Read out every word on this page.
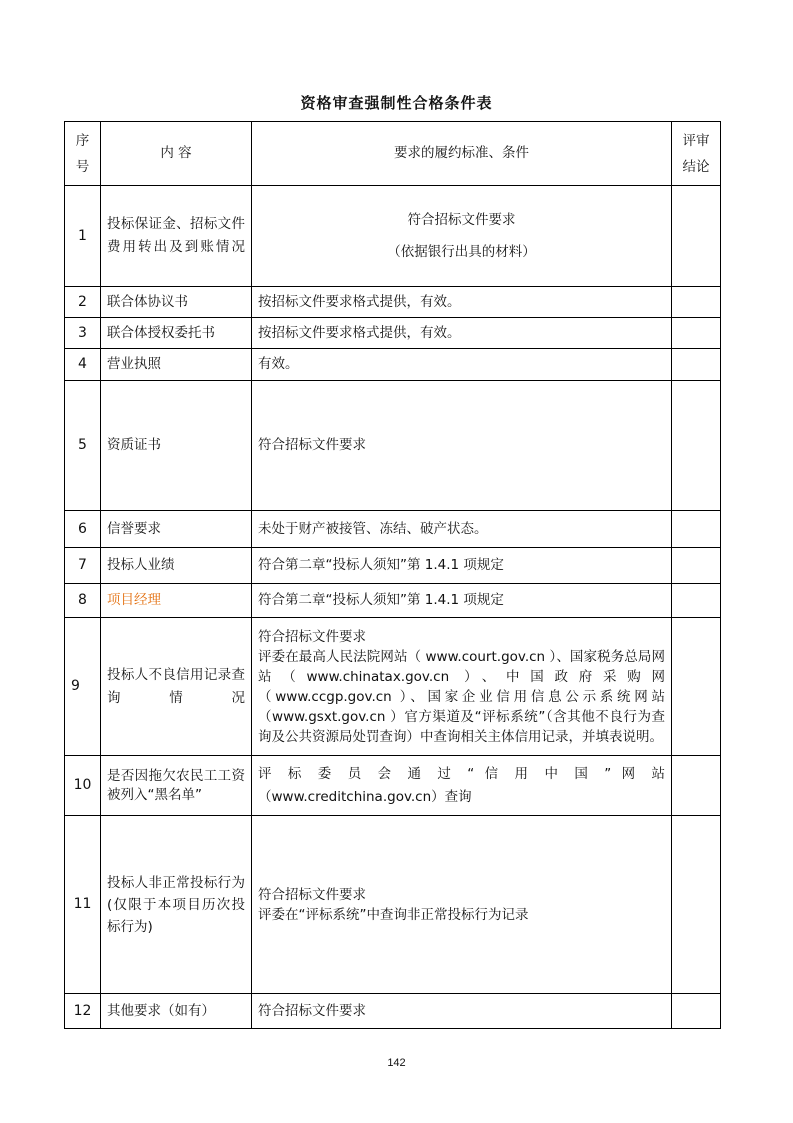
资格审查强制性合格条件表
序号	内 容	要求的履约标准、条件	评审结论
1	投标保证金、招标文件费用转出及到账情况	符合招标文件要求
（依据银行出具的材料）	

2	联合体协议书	按招标文件要求格式提供，有效。	
3	联合体授权委托书	按招标文件要求格式提供，有效。	
4	营业执照	有效。	
5	资质证书	符合招标文件要求	
6	信誉要求	未处于财产被接管、冻结、破产状态。	
7	投标人业绩	符合第二章“投标人须知”第 1.4.1 项规定	
8	项目经理	符合第二章“投标人须知”第 1.4.1 项规定	
9	投标人不良信用记录查询情况	符合招标文件要求
评委在最高人民法院网站（ www.court.gov.cn ）、国家税务总局网站（www.chinatax.gov.cn ）、中国政府采购网（www.ccgp.gov.cn ）、国家企业信用信息公示系统网站（www.gsxt.gov.cn ）官方渠道及“评标系统”（含其他不良行为查询及公共资源局处罚查询）中查询相关主体信用记录，并填表说明。	

10	是否因拖欠农民工工资被列入“黑名单”	评 标 委 员 会 通 过 “ 信 用 中 国 ” 网 站（www.creditchina.gov.cn）查询	
11	投标人非正常投标行为(仅限于本项目历次投标行为)	符合招标文件要求
评委在“评标系统”中查询非正常投标行为记录	

12	其他要求（如有）	符合招标文件要求	
142
